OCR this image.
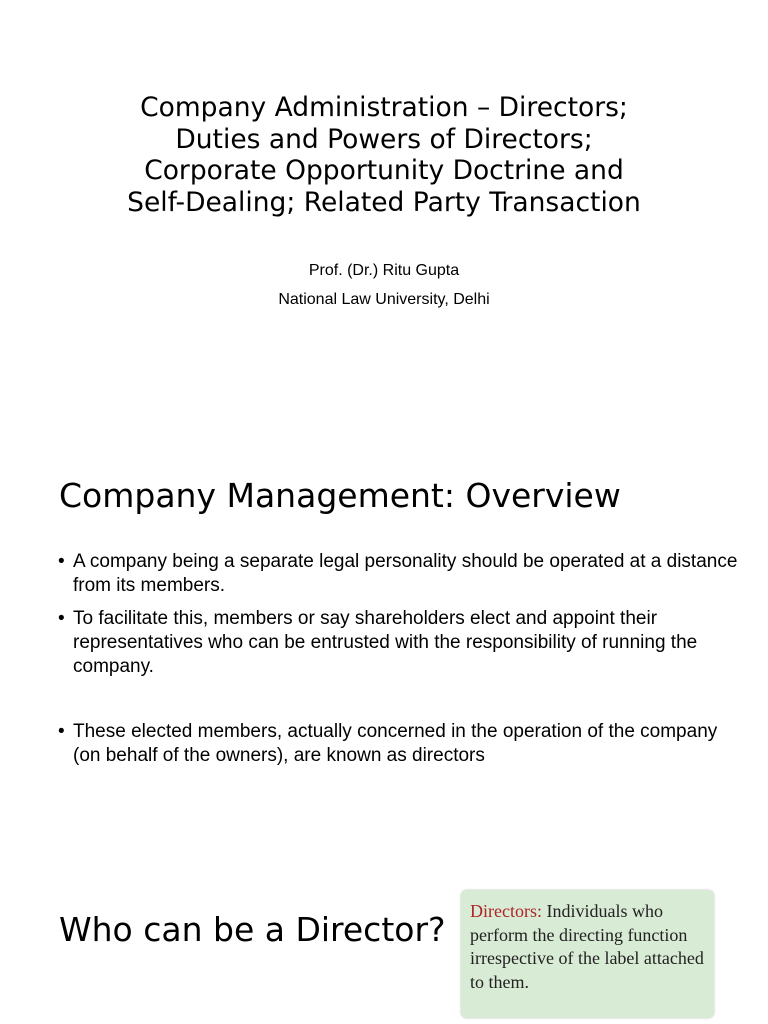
Company Administration – Directors;
Duties and Powers of Directors;
Corporate Opportunity Doctrine and
Self-Dealing; Related Party Transaction
Prof. (Dr.) Ritu Gupta
National Law University, Delhi
Company Management: Overview
• A company being a separate legal personality should be operated at a distance from its members.
• To facilitate this, members or say shareholders elect and appoint their representatives who can be entrusted with the responsibility of running the company.
• These elected members, actually concerned in the operation of the company (on behalf of the owners), are known as directors
Who can be a Director?	Directors: Individuals who perform the directing function irrespective of the label attached to them.
